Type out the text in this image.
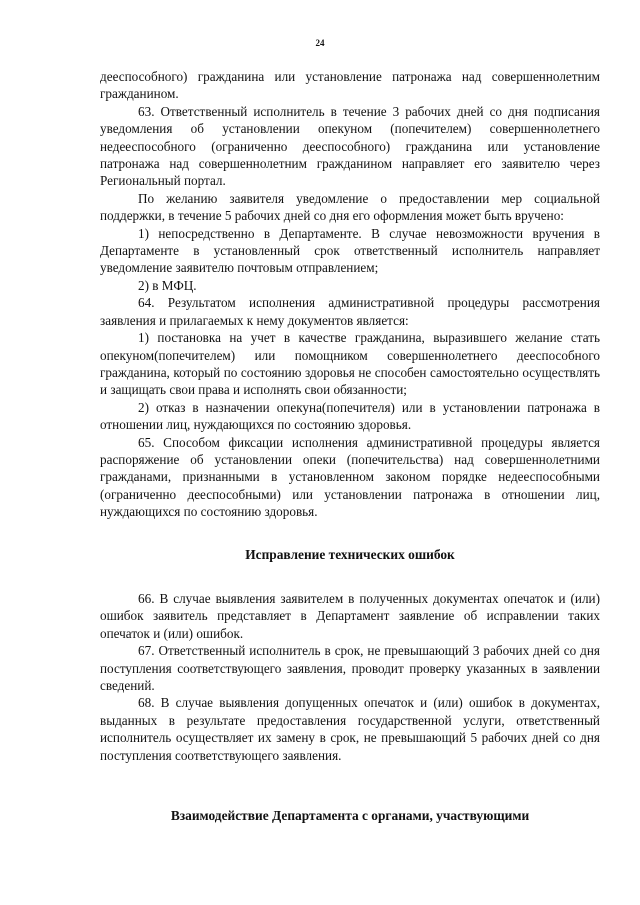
24

дееспособного) гражданина или установление патронажа над совершеннолетним гражданином.

63. Ответственный исполнитель в течение 3 рабочих дней со дня подписания уведомления об установлении опекуном (попечителем) совершеннолетнего недееспособного (ограниченно дееспособного) гражданина или установление патронажа над совершеннолетним гражданином направляет его заявителю через Региональный портал.

По желанию заявителя уведомление о предоставлении мер социальной поддержки, в течение 5 рабочих дней со дня его оформления может быть вручено:

1) непосредственно в Департаменте. В случае невозможности вручения в Департаменте в установленный срок ответственный исполнитель направляет уведомление заявителю почтовым отправлением;

2) в МФЦ.

64. Результатом исполнения административной процедуры рассмотрения заявления и прилагаемых к нему документов является:

1) постановка на учет в качестве гражданина, выразившего желание стать опекуном(попечителем) или помощником совершеннолетнего дееспособного гражданина, который по состоянию здоровья не способен самостоятельно осуществлять и защищать свои права и исполнять свои обязанности;

2) отказ в назначении опекуна(попечителя) или в установлении патронажа в отношении лиц, нуждающихся по состоянию здоровья.

65. Способом фиксации исполнения административной процедуры является распоряжение об установлении опеки (попечительства) над совершеннолетними гражданами, признанными в установленном законом порядке недееспособными (ограниченно дееспособными) или установлении патронажа в отношении лиц, нуждающихся по состоянию здоровья.

Исправление технических ошибок

66. В случае выявления заявителем в полученных документах опечаток и (или) ошибок заявитель представляет в Департамент заявление об исправлении таких опечаток и (или) ошибок.

67. Ответственный исполнитель в срок, не превышающий 3 рабочих дней со дня поступления соответствующего заявления, проводит проверку указанных в заявлении сведений.

68. В случае выявления допущенных опечаток и (или) ошибок в документах, выданных в результате предоставления государственной услуги, ответственный исполнитель осуществляет их замену в срок, не превышающий 5 рабочих дней со дня поступления соответствующего заявления.

Взаимодействие Департамента с органами, участвующими
